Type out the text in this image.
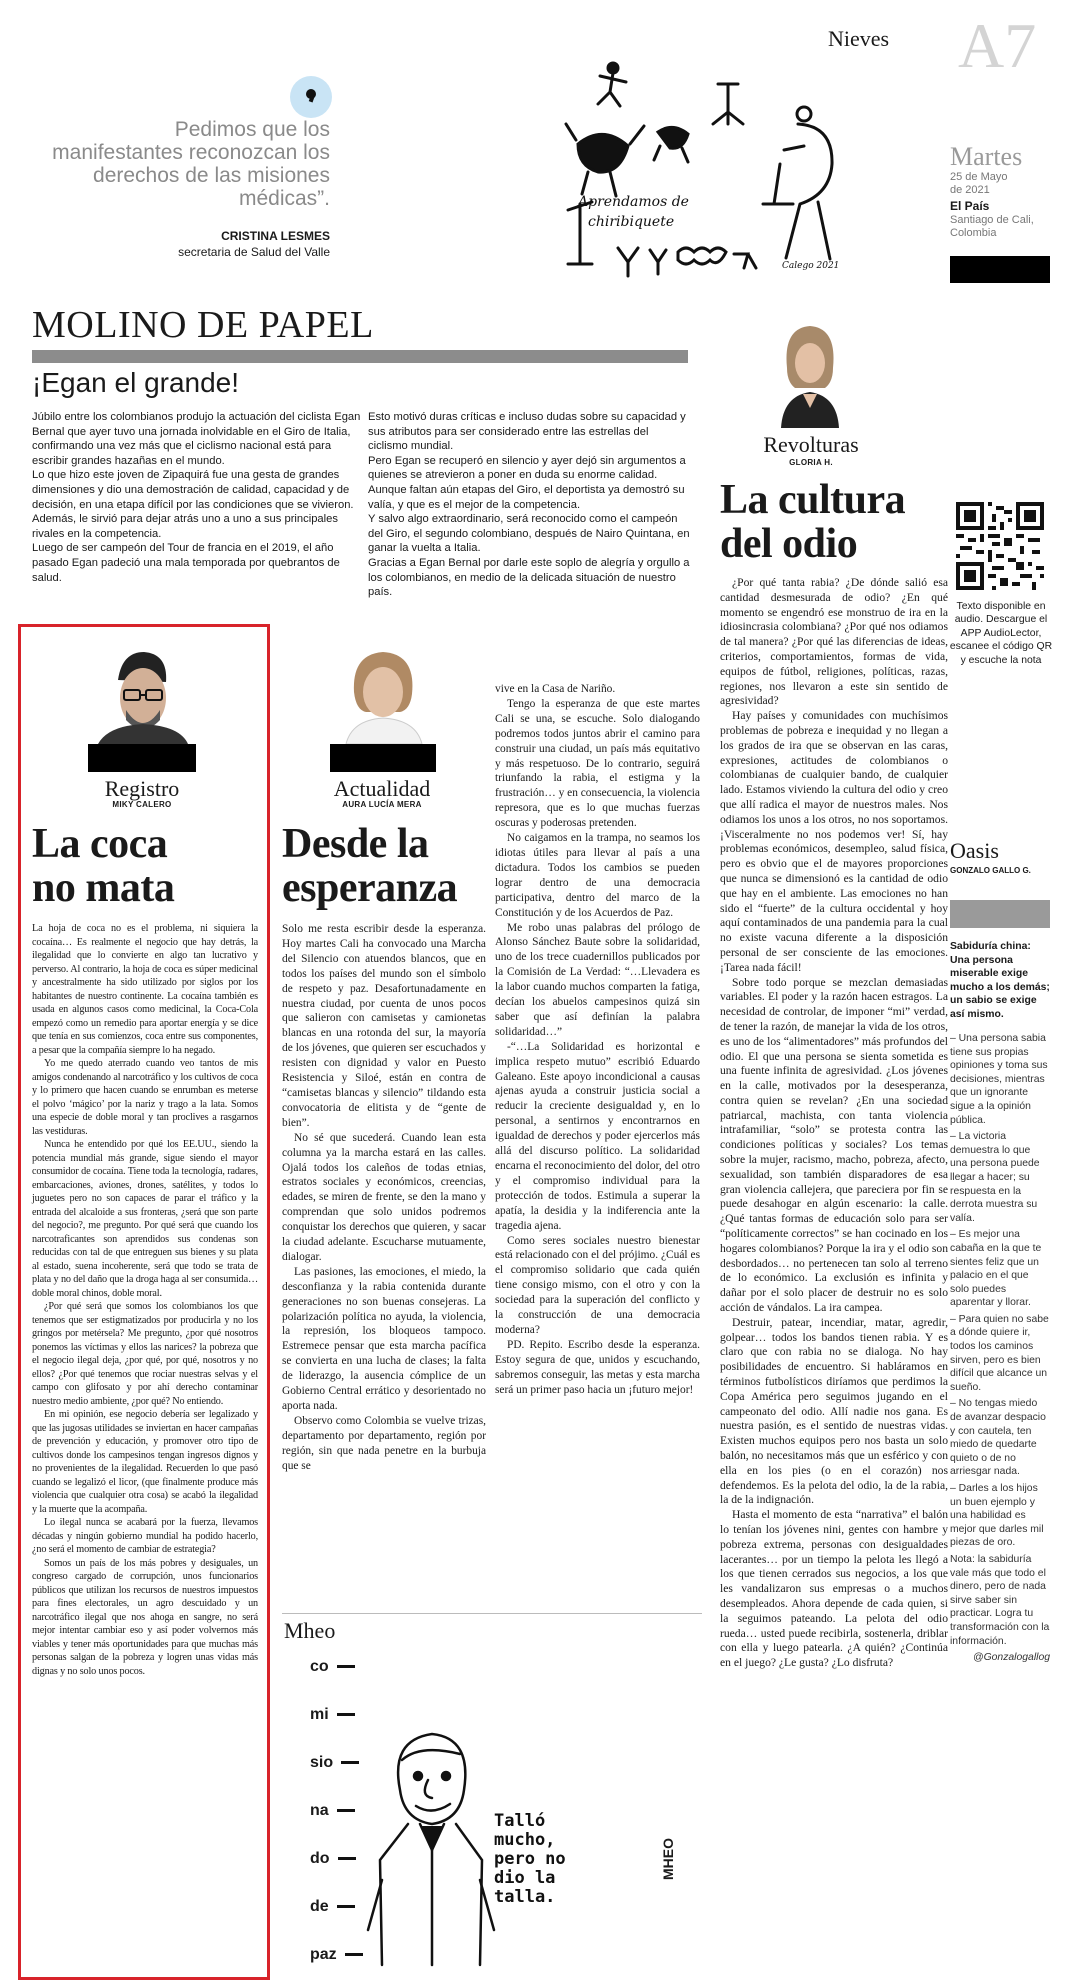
Nieves A7
Martes
25 de Mayo
de 2021
El País
Santiago de Cali, Colombia
Pedimos que los manifestantes reconozcan los derechos de las misiones médicas”.
CRISTINA LESMES
secretaria de Salud del Valle
Aprendamos de
chiribiquete
Calego 2021
MOLINO DE PAPEL
¡Egan el grande!

Júbilo entre los colombianos produjo la actuación del ciclista Egan Bernal que ayer tuvo una jornada inolvidable en el Giro de Italia, confirmando una vez más que el ciclismo nacional está para escribir grandes hazañas en el mundo.

Lo que hizo este joven de Zipaquirá fue una gesta de grandes dimensiones y dio una demostración de calidad, capacidad y de decisión, en una etapa difícil por las condiciones que se vivieron.

Además, le sirvió para dejar atrás uno a uno a sus principales rivales en la competencia.

Luego de ser campeón del Tour de francia en el 2019, el año pasado Egan padeció una mala temporada por quebrantos de salud.

Esto motivó duras críticas e incluso dudas sobre su capacidad y sus atributos para ser considerado entre las estrellas del ciclismo mundial.

Pero Egan se recuperó en silencio y ayer dejó sin argumentos a quienes se atrevieron a poner en duda su enorme calidad.

Aunque faltan aún etapas del Giro, el deportista ya demostró su valía, y que es el mejor de la competencia.

Y salvo algo extraordinario, será reconocido como el campeón del Giro, el segundo colombiano, después de Nairo Quintana, en ganar la vuelta a Italia.

Gracias a Egan Bernal por darle este soplo de alegría y orgullo a los colombianos, en medio de la delicada situación de nuestro país.

Revolturas
GLORIA H.
La cultura
del odio

¿Por qué tanta rabia? ¿De dónde salió esa cantidad desmesurada de odio? ¿En qué momento se engendró ese monstruo de ira en la idiosincrasia colombiana? ¿Por qué nos odiamos de tal manera? ¿Por qué las diferencias de ideas, criterios, comportamientos, formas de vida, equipos de fútbol, religiones, políticas, razas, regiones, nos llevaron a este sin sentido de agresividad?

Hay países y comunidades con muchísimos problemas de pobreza e inequidad y no llegan a los grados de ira que se observan en las caras, expresiones, actitudes de colombianos o colombianas de cualquier bando, de cualquier lado. Estamos viviendo la cultura del odio y creo que allí radica el mayor de nuestros males. Nos odiamos los unos a los otros, no nos soportamos. ¡Visceralmente no nos podemos ver! Sí, hay problemas económicos, desempleo, salud física, pero es obvio que el de mayores proporciones que nunca se dimensionó es la cantidad de odio que hay en el ambiente. Las emociones no han sido el “fuerte” de la cultura occidental y hoy aquí contaminados de una pandemia para la cual no existe vacuna diferente a la disposición personal de ser consciente de las emociones. ¡Tarea nada fácil!

Sobre todo porque se mezclan demasiadas variables. El poder y la razón hacen estragos. La necesidad de controlar, de imponer “mi” verdad, de tener la razón, de manejar la vida de los otros, es uno de los “alimentadores” más profundos del odio. El que una persona se sienta sometida es una fuente infinita de agresividad. ¿Los jóvenes en la calle, motivados por la desesperanza, contra quien se revelan? ¿En una sociedad patriarcal, machista, con tanta violencia intrafamiliar, “solo” se protesta contra las condiciones políticas y sociales? Los temas sobre la mujer, racismo, macho, pobreza, afecto, sexualidad, son también disparadores de esa gran violencia callejera, que pareciera por fin se puede desahogar en algún escenario: la calle. ¿Qué tantas formas de educación solo para ser “políticamente correctos” se han cocinado en los hogares colombianos? Porque la ira y el odio son desbordados… no pertenecen tan solo al terreno de lo económico. La exclusión es infinita y dañar por el solo placer de destruir no es solo acción de vándalos. La ira campea.

Destruir, patear, incendiar, matar, agredir, golpear… todos los bandos tienen rabia. Y es claro que con rabia no se dialoga. No hay posibilidades de encuentro. Si habláramos en términos futbolísticos diríamos que perdimos la Copa América pero seguimos jugando en el campeonato del odio. Allí nadie nos gana. Es nuestra pasión, es el sentido de nuestras vidas. Existen muchos equipos pero nos basta un solo balón, no necesitamos más que un esférico y con ella en los pies (o en el corazón) nos defendemos. Es la pelota del odio, la de la rabia, la de la indignación.

Hasta el momento de esta “narrativa” el balón lo tenían los jóvenes nini, gentes con hambre y pobreza extrema, personas con desigualdades lacerantes… por un tiempo la pelota les llegó a los que tienen cerrados sus negocios, a los que les vandalizaron sus empresas o a muchos desempleados. Ahora depende de cada quien, si la seguimos pateando. La pelota del odio rueda… usted puede recibirla, sostenerla, driblar con ella y luego patearla. ¿A quién? ¿Continúa en el juego? ¿Le gusta? ¿Lo disfruta?

Texto disponible en audio. Descargue el APP AudioLector, escanee el código QR y escuche la nota
Oasis
GONZALO GALLO G.
Sabiduría china: Una persona miserable exige mucho a los demás; un sabio se exige así mismo.

– Una persona sabia tiene sus propias opiniones y toma sus decisiones, mientras que un ignorante sigue a la opinión pública.

– La victoria demuestra lo que una persona puede llegar a hacer; su respuesta en la derrota muestra su valía.

– Es mejor una cabaña en la que te sientes feliz que un palacio en el que solo puedes aparentar y llorar.

– Para quien no sabe a dónde quiere ir, todos los caminos sirven, pero es bien difícil que alcance un sueño.

– No tengas miedo de avanzar despacio y con cautela, ten miedo de quedarte quieto o de no arriesgar nada.

– Darles a los hijos un buen ejemplo y una habilidad es mejor que darles mil piezas de oro.

Nota: la sabiduría vale más que todo el dinero, pero de nada sirve saber sin practicar. Logra tu transformación con la información.

@Gonzalogallog

Registro
MIKY CALERO
La coca
no mata

La hoja de coca no es el problema, ni siquiera la cocaína… Es realmente el negocio que hay detrás, la ilegalidad que lo convierte en algo tan lucrativo y perverso. Al contrario, la hoja de coca es súper medicinal y ancestralmente ha sido utilizado por siglos por los habitantes de nuestro continente. La cocaína también es usada en algunos casos como medicinal, la Coca-Cola empezó como un remedio para aportar energía y se dice que tenía en sus comienzos, coca entre sus componentes, a pesar que la compañía siempre lo ha negado.

Yo me quedo aterrado cuando veo tantos de mis amigos condenando al narcotráfico y los cultivos de coca y lo primero que hacen cuando se enrumban es meterse el polvo ‘mágico’ por la nariz y trago a la lata. Somos una especie de doble moral y tan proclives a rasgarnos las vestiduras.

Nunca he entendido por qué los EE.UU., siendo la potencia mundial más grande, sigue siendo el mayor consumidor de cocaína. Tiene toda la tecnología, radares, embarcaciones, aviones, drones, satélites, y todos lo juguetes pero no son capaces de parar el tráfico y la entrada del alcaloide a sus fronteras, ¿será que son parte del negocio?, me pregunto. Por qué será que cuando los narcotraficantes son aprendidos sus condenas son reducidas con tal de que entreguen sus bienes y su plata al estado, suena incoherente, será que todo se trata de plata y no del daño que la droga haga al ser consumida… doble moral chinos, doble moral.

¿Por qué será que somos los colombianos los que tenemos que ser estigmatizados por producirla y no los gringos por metérsela? Me pregunto, ¿por qué nosotros ponemos las víctimas y ellos las narices? la pobreza que el negocio ilegal deja, ¿por qué, por qué, nosotros y no ellos? ¿Por qué tenemos que rociar nuestras selvas y el campo con glifosato y por ahí derecho contaminar nuestro medio ambiente, ¿por qué? No entiendo.

En mi opinión, ese negocio debería ser legalizado y que las jugosas utilidades se inviertan en hacer campañas de prevención y educación, y promover otro tipo de cultivos donde los campesinos tengan ingresos dignos y no provenientes de la ilegalidad. Recuerden lo que pasó cuando se legalizó el licor, (que finalmente produce más violencia que cualquier otra cosa) se acabó la ilegalidad y la muerte que la acompaña.

Lo ilegal nunca se acabará por la fuerza, llevamos décadas y ningún gobierno mundial ha podido hacerlo, ¿no será el momento de cambiar de estrategia?

Somos un país de los más pobres y desiguales, un congreso cargado de corrupción, unos funcionarios públicos que utilizan los recursos de nuestros impuestos para fines electorales, un agro descuidado y un narcotráfico ilegal que nos ahoga en sangre, no será mejor intentar cambiar eso y así poder volvernos más viables y tener más oportunidades para que muchas más personas salgan de la pobreza y logren unas vidas más dignas y no solo unos pocos.

Actualidad
AURA LUCÍA MERA
Desde la
esperanza

Solo me resta escribir desde la esperanza. Hoy martes Cali ha convocado una Marcha del Silencio con atuendos blancos, que en todos los países del mundo son el símbolo de respeto y paz. Desafortunadamente en nuestra ciudad, por cuenta de unos pocos que salieron con camisetas y camionetas blancas en una rotonda del sur, la mayoría de los jóvenes, que quieren ser escuchados y resisten con dignidad y valor en Puesto Resistencia y Siloé, están en contra de “camisetas blancas y silencio” tildando esta convocatoria de elitista y de “gente de bien”.

No sé que sucederá. Cuando lean esta columna ya la marcha estará en las calles. Ojalá todos los caleños de todas etnias, estratos sociales y económicos, creencias, edades, se miren de frente, se den la mano y comprendan que solo unidos podremos conquistar los derechos que quieren, y sacar la ciudad adelante. Escucharse mutuamente, dialogar.

Las pasiones, las emociones, el miedo, la desconfianza y la rabia contenida durante generaciones no son buenas consejeras. La polarización política no ayuda, la violencia, la represión, los bloqueos tampoco. Estremece pensar que esta marcha pacífica se convierta en una lucha de clases; la falta de liderazgo, la ausencia cómplice de un Gobierno Central errático y desorientado no aporta nada.

Observo como Colombia se vuelve trizas, departamento por departamento, región por región, sin que nada penetre en la burbuja que se

vive en la Casa de Nariño.

Tengo la esperanza de que este martes Cali se una, se escuche. Solo dialogando podremos todos juntos abrir el camino para construir una ciudad, un país más equitativo y más respetuoso. De lo contrario, seguirá triunfando la rabia, el estigma y la frustración… y en consecuencia, la violencia represora, que es lo que muchas fuerzas oscuras y poderosas pretenden.

No caigamos en la trampa, no seamos los idiotas útiles para llevar al país a una dictadura. Todos los cambios se pueden lograr dentro de una democracia participativa, dentro del marco de la Constitución y de los Acuerdos de Paz.

Me robo unas palabras del prólogo de Alonso Sánchez Baute sobre la solidaridad, uno de los trece cuadernillos publicados por la Comisión de La Verdad: “…Llevadera es la labor cuando muchos comparten la fatiga, decían los abuelos campesinos quizá sin saber que así definían la palabra solidaridad…”

-“…La Solidaridad es horizontal e implica respeto mutuo” escribió Eduardo Galeano. Este apoyo incondicional a causas ajenas ayuda a construir justicia social a reducir la creciente desigualdad y, en lo personal, a sentirnos y encontrarnos en igualdad de derechos y poder ejercerlos más allá del discurso político. La solidaridad encarna el reconocimiento del dolor, del otro y el compromiso individual para la protección de todos. Estimula a superar la apatía, la desidia y la indiferencia ante la tragedia ajena.

Como seres sociales nuestro bienestar está relacionado con el del prójimo. ¿Cuál es el compromiso solidario que cada quién tiene consigo mismo, con el otro y con la sociedad para la superación del conflicto y la construcción de una democracia moderna?

PD. Repito. Escribo desde la esperanza. Estoy segura de que, unidos y escuchando, sabremos conseguir, las metas y esta marcha será un primer paso hacia un ¡futuro mejor!

Mheo
co
mi
sio
na
do
de
paz
Talló
mucho,
pero no
dio la
talla.
MHEO
